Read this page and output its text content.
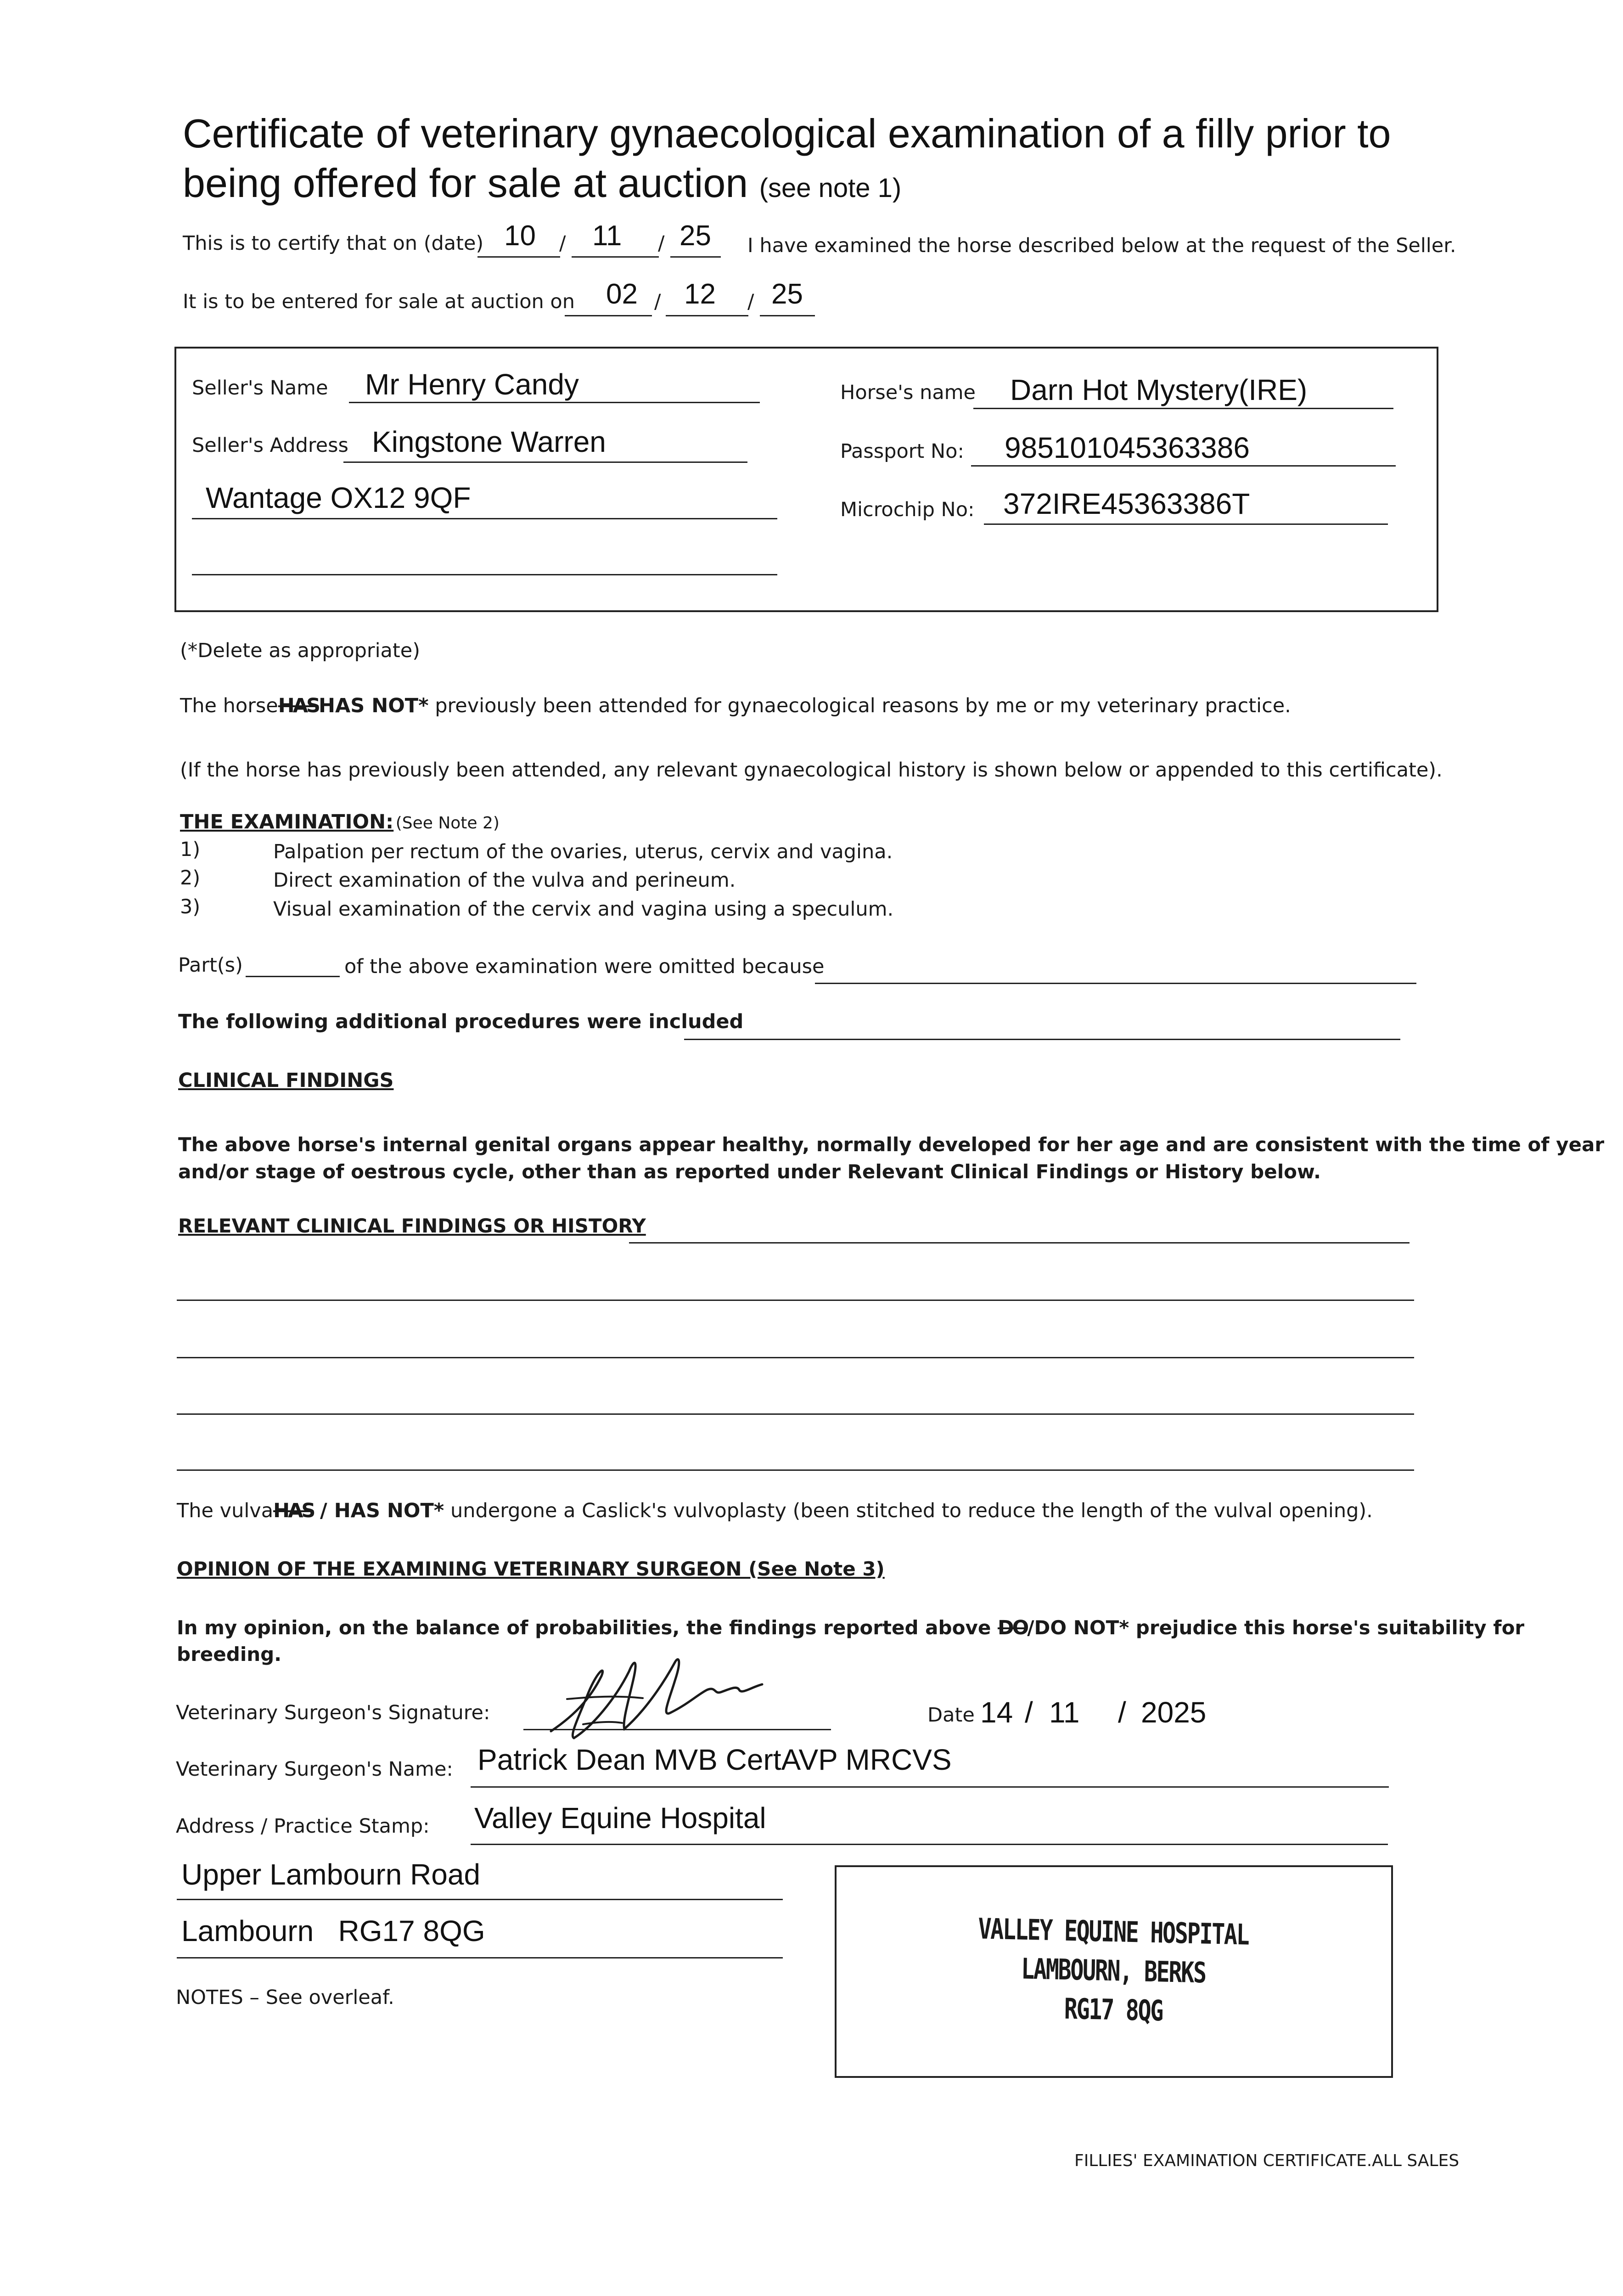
Certificate of veterinary gynaecological examination of a filly prior to
being offered for sale at auction (see note 1)
This is to certify that on (date) 10 / 11 / 25 I have examined the horse described below at the request of the Seller.
It is to be entered for sale at auction on 02 / 12 / 25
Seller's Name Mr Henry Candy
Seller's Address Kingstone Warren
Wantage OX12 9QF
Horse's name Darn Hot Mystery(IRE)
Passport No: 985101045363386
Microchip No: 372IRE45363386T
(*Delete as appropriate)
The horseHASHAS NOT* previously been attended for gynaecological reasons by me or my veterinary practice.
(If the horse has previously been attended, any relevant gynaecological history is shown below or appended to this certificate).
THE EXAMINATION: (See Note 2)
1)	Palpation per rectum of the ovaries, uterus, cervix and vagina.
2)	Direct examination of the vulva and perineum.
3)	Visual examination of the cervix and vagina using a speculum.
Part(s)	of the above examination were omitted because
The following additional procedures were included
CLINICAL FINDINGS
The above horse's internal genital organs appear healthy, normally developed for her age and are consistent with the time of year
and/or stage of oestrous cycle, other than as reported under Relevant Clinical Findings or History below.
RELEVANT CLINICAL FINDINGS OR HISTORY
The vulvaHAS / HAS NOT* undergone a Caslick's vulvoplasty (been stitched to reduce the length of the vulval opening).
OPINION OF THE EXAMINING VETERINARY SURGEON (See Note 3)
In my opinion, on the balance of probabilities, the findings reported above DO/DO NOT* prejudice this horse's suitability for
breeding.
Veterinary Surgeon's Signature:	Date 14 / 11 / 2025
Veterinary Surgeon's Name: Patrick Dean MVB CertAVP MRCVS
Address / Practice Stamp: Valley Equine Hospital
Upper Lambourn Road
Lambourn   RG17 8QG	VALLEY EQUINE HOSPITAL
LAMBOURN, BERKS
RG17 8QG
NOTES – See overleaf.
FILLIES' EXAMINATION CERTIFICATE.ALL SALES
